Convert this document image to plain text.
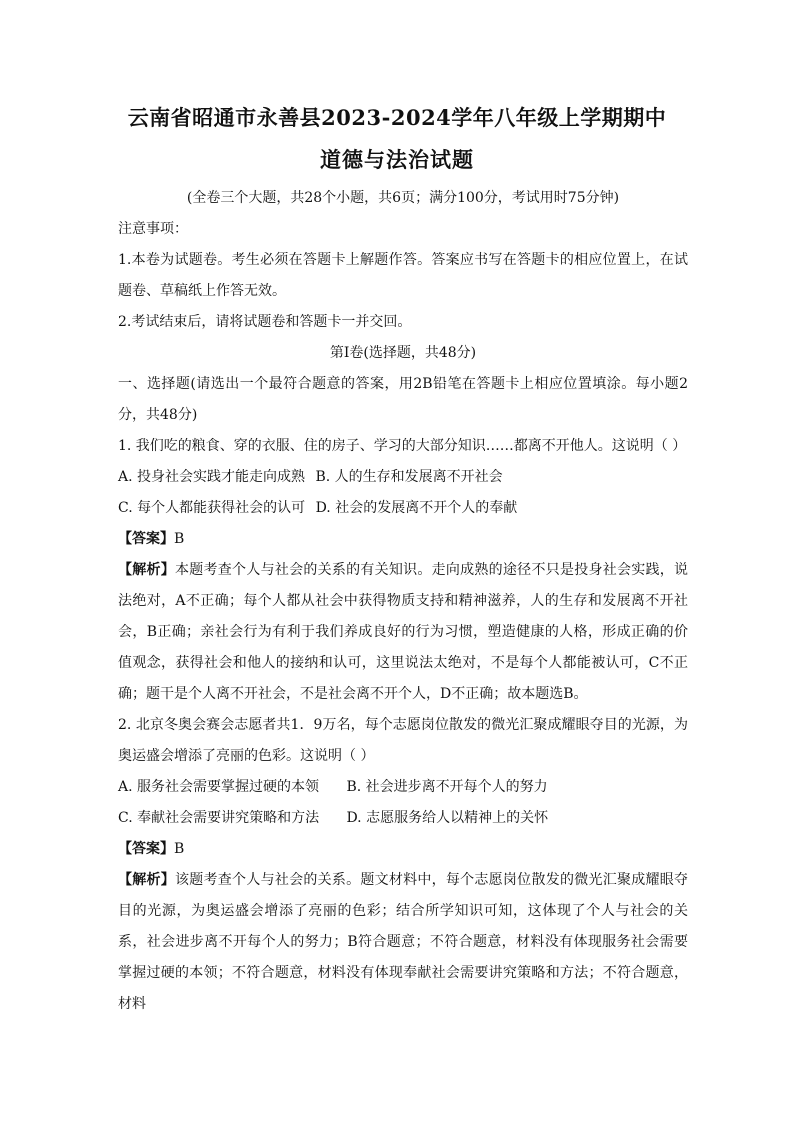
云南省昭通市永善县2023-2024学年八年级上学期期中
道德与法治试题
(全卷三个大题，共28个小题，共6页；满分100分，考试用时75分钟)
注意事项：
1.本卷为试题卷。考生必须在答题卡上解题作答。答案应书写在答题卡的相应位置上，在试题卷、草稿纸上作答无效。
2.考试结束后，请将试题卷和答题卡一并交回。
第Ⅰ卷(选择题，共48分)
一、选择题(请选出一个最符合题意的答案，用2B铅笔在答题卡上相应位置填涂。每小题2分，共48分)
1. 我们吃的粮食、穿的衣服、住的房子、学习的大部分知识……都离不开他人。这说明（ ）
A. 投身社会实践才能走向成熟 B. 人的生存和发展离不开社会
C. 每个人都能获得社会的认可 D. 社会的发展离不开个人的奉献
【答案】B
【解析】本题考查个人与社会的关系的有关知识。走向成熟的途径不只是投身社会实践，说法绝对，A不正确；每个人都从社会中获得物质支持和精神滋养，人的生存和发展离不开社会，B正确；亲社会行为有利于我们养成良好的行为习惯，塑造健康的人格，形成正确的价值观念，获得社会和他人的接纳和认可，这里说法太绝对，不是每个人都能被认可，C不正确；题干是个人离不开社会，不是社会离不开个人，D不正确；故本题选B。
2. 北京冬奥会赛会志愿者共1．9万名，每个志愿岗位散发的微光汇聚成耀眼夺目的光源，为奥运盛会增添了亮丽的色彩。这说明（ ）
A. 服务社会需要掌握过硬的本领 B. 社会进步离不开每个人的努力
C. 奉献社会需要讲究策略和方法 D. 志愿服务给人以精神上的关怀
【答案】B
【解析】该题考查个人与社会的关系。题文材料中，每个志愿岗位散发的微光汇聚成耀眼夺目的光源，为奥运盛会增添了亮丽的色彩；结合所学知识可知，这体现了个人与社会的关系，社会进步离不开每个人的努力；B符合题意；不符合题意，材料没有体现服务社会需要掌握过硬的本领；不符合题意，材料没有体现奉献社会需要讲究策略和方法；不符合题意，材料
